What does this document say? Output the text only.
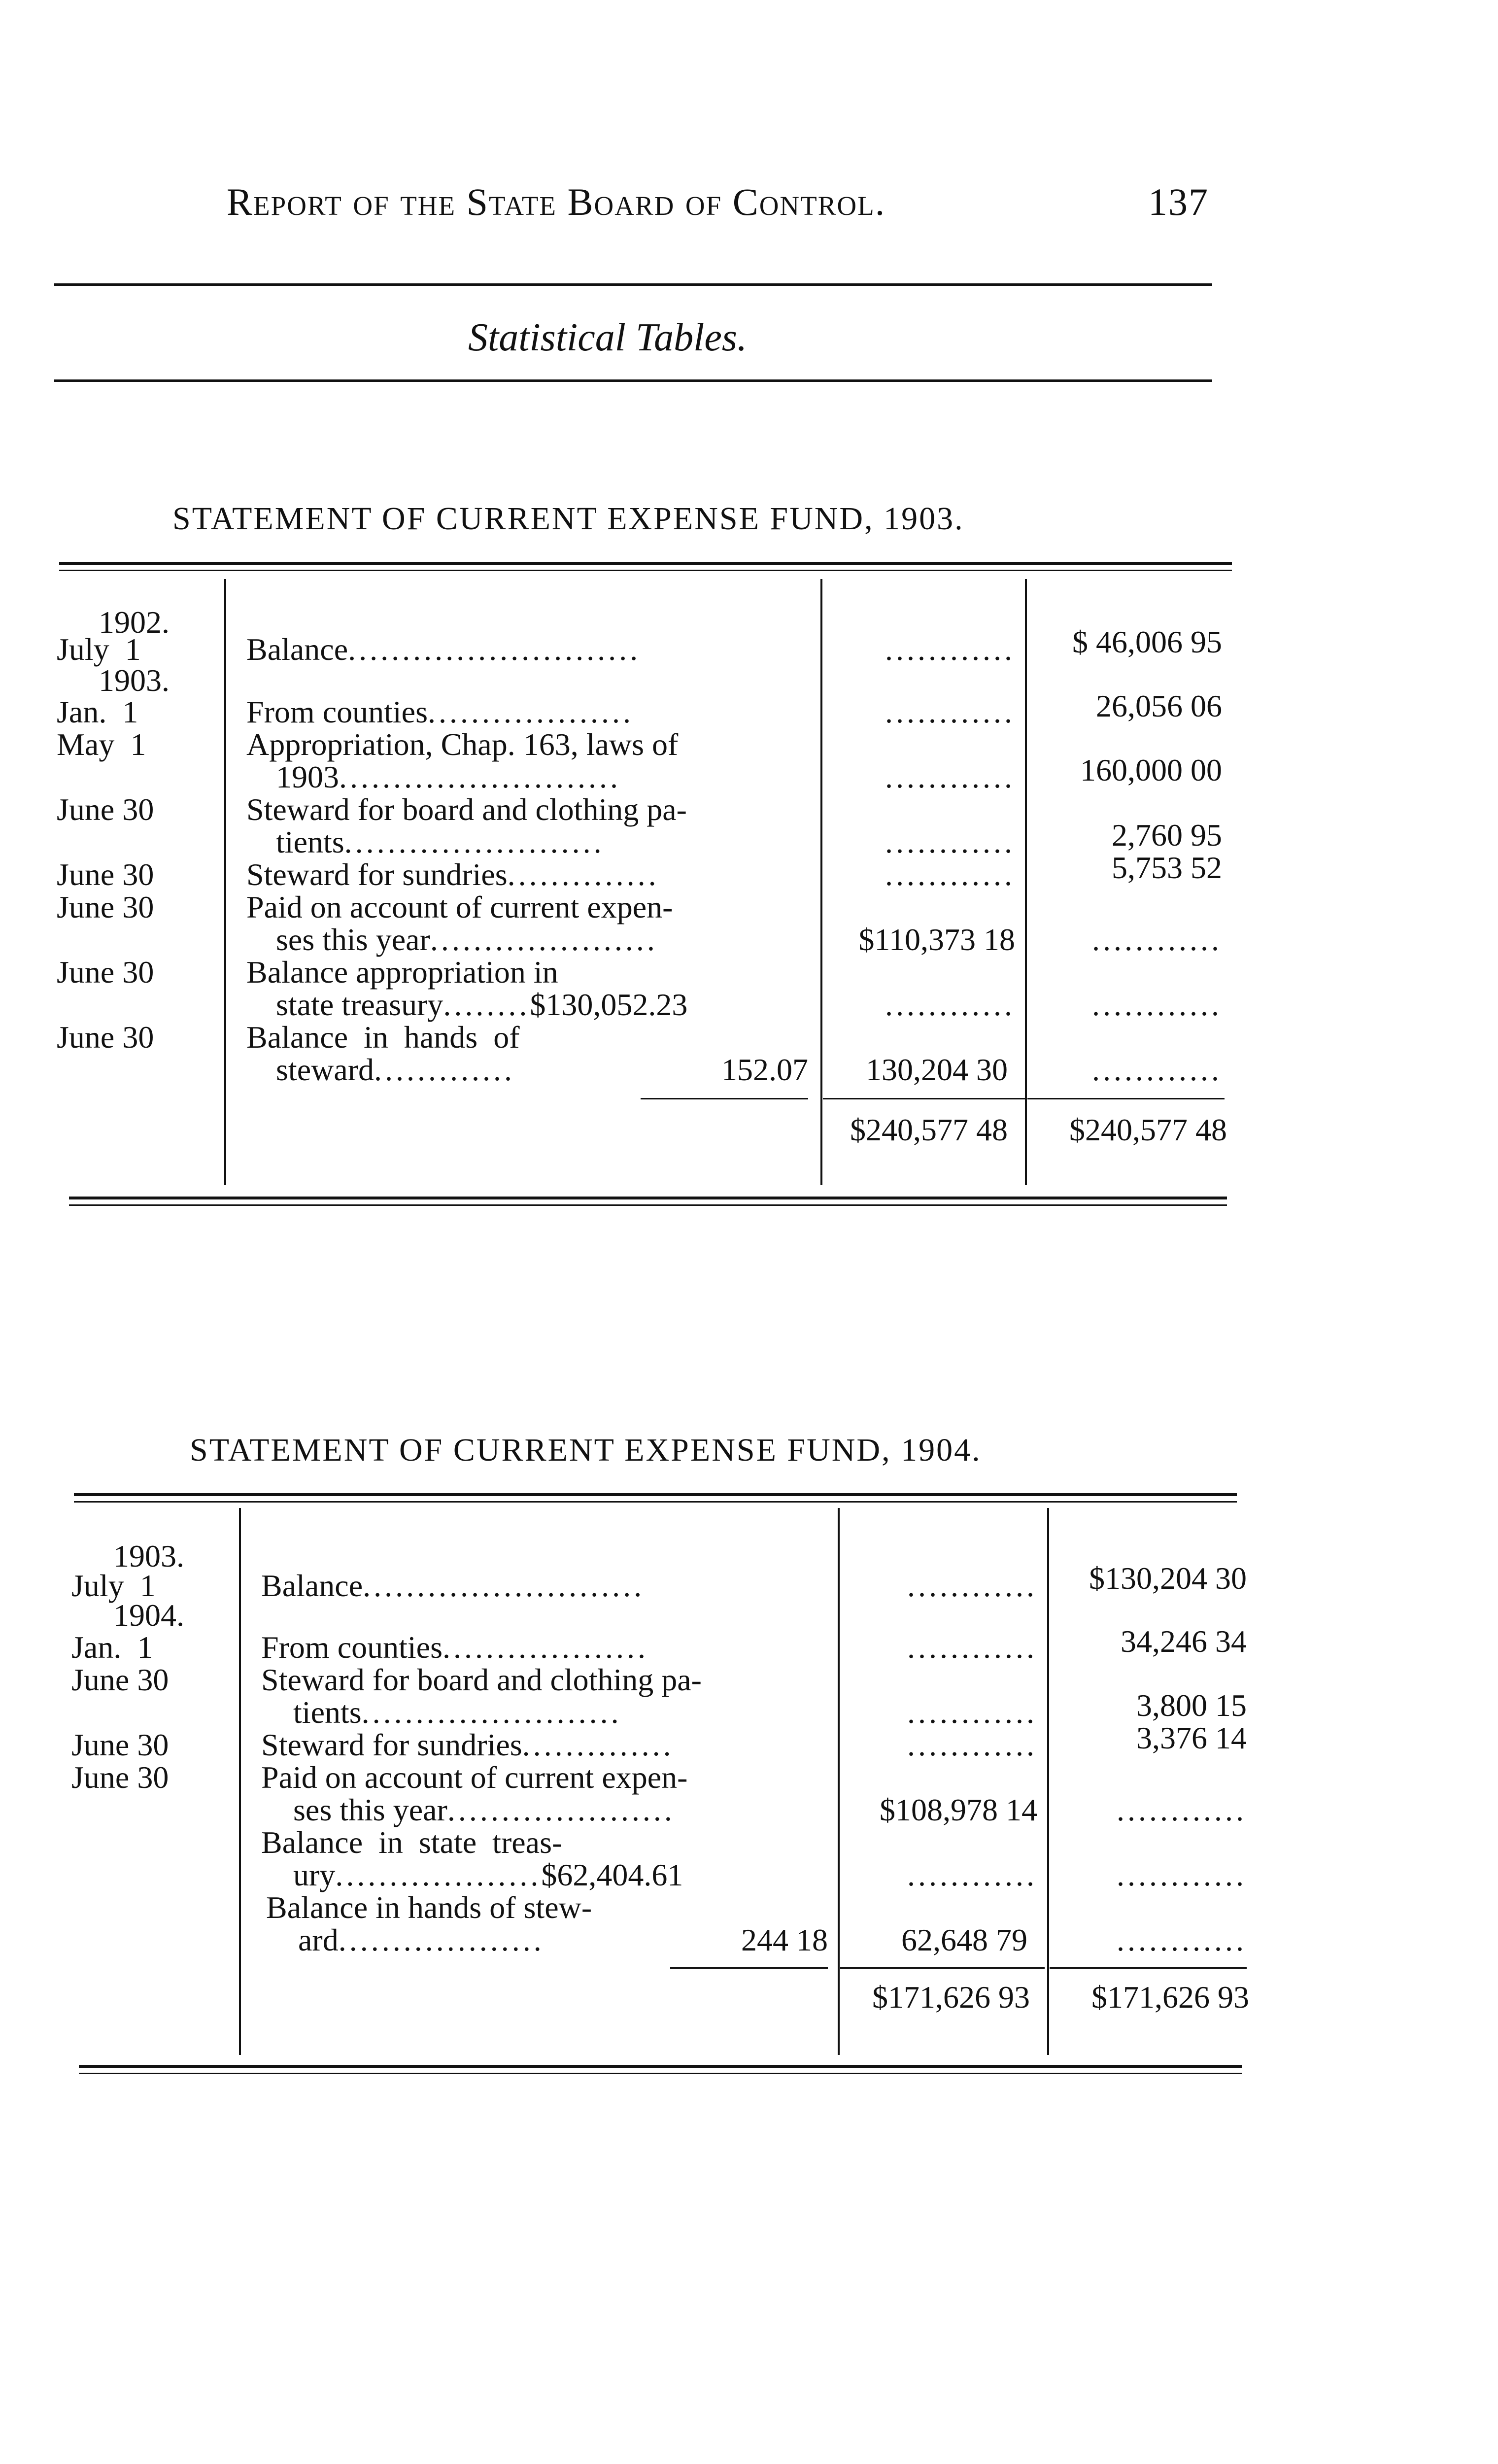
Report of the State Board of Control.	137
Statistical Tables.
STATEMENT OF CURRENT EXPENSE FUND, 1903.
1902.
July  1	Balance...........................	............	$ 46,006 95
1903.
Jan.  1	From counties...................	............	26,056 06
May  1	Appropriation, Chap. 163, laws of
1903..........................	............	160,000 00
June 30	Steward for board and clothing pa-
tients........................	............	2,760 95
June 30	Steward for sundries..............	............	5,753 52
June 30	Paid on account of current expen-
ses this year.....................	$110,373 18	............
June 30	Balance appropriation in
state treasury........$130,052.23	............	............
June 30	Balance  in  hands  of
steward.............	152.07	130,204 30	............
$240,577 48	$240,577 48
STATEMENT OF CURRENT EXPENSE FUND, 1904.
1903.
July  1	Balance..........................	............	$130,204 30
1904.
Jan.  1	From counties...................	............	34,246 34
June 30	Steward for board and clothing pa-
tients........................	............	3,800 15
June 30	Steward for sundries..............	............	3,376 14
June 30	Paid on account of current expen-
ses this year.....................	$108,978 14	............
Balance  in  state  treas-
ury...................$62,404.61	............	............
Balance in hands of stew-
ard...................	244 18	62,648 79	............
$171,626 93	$171,626 93
